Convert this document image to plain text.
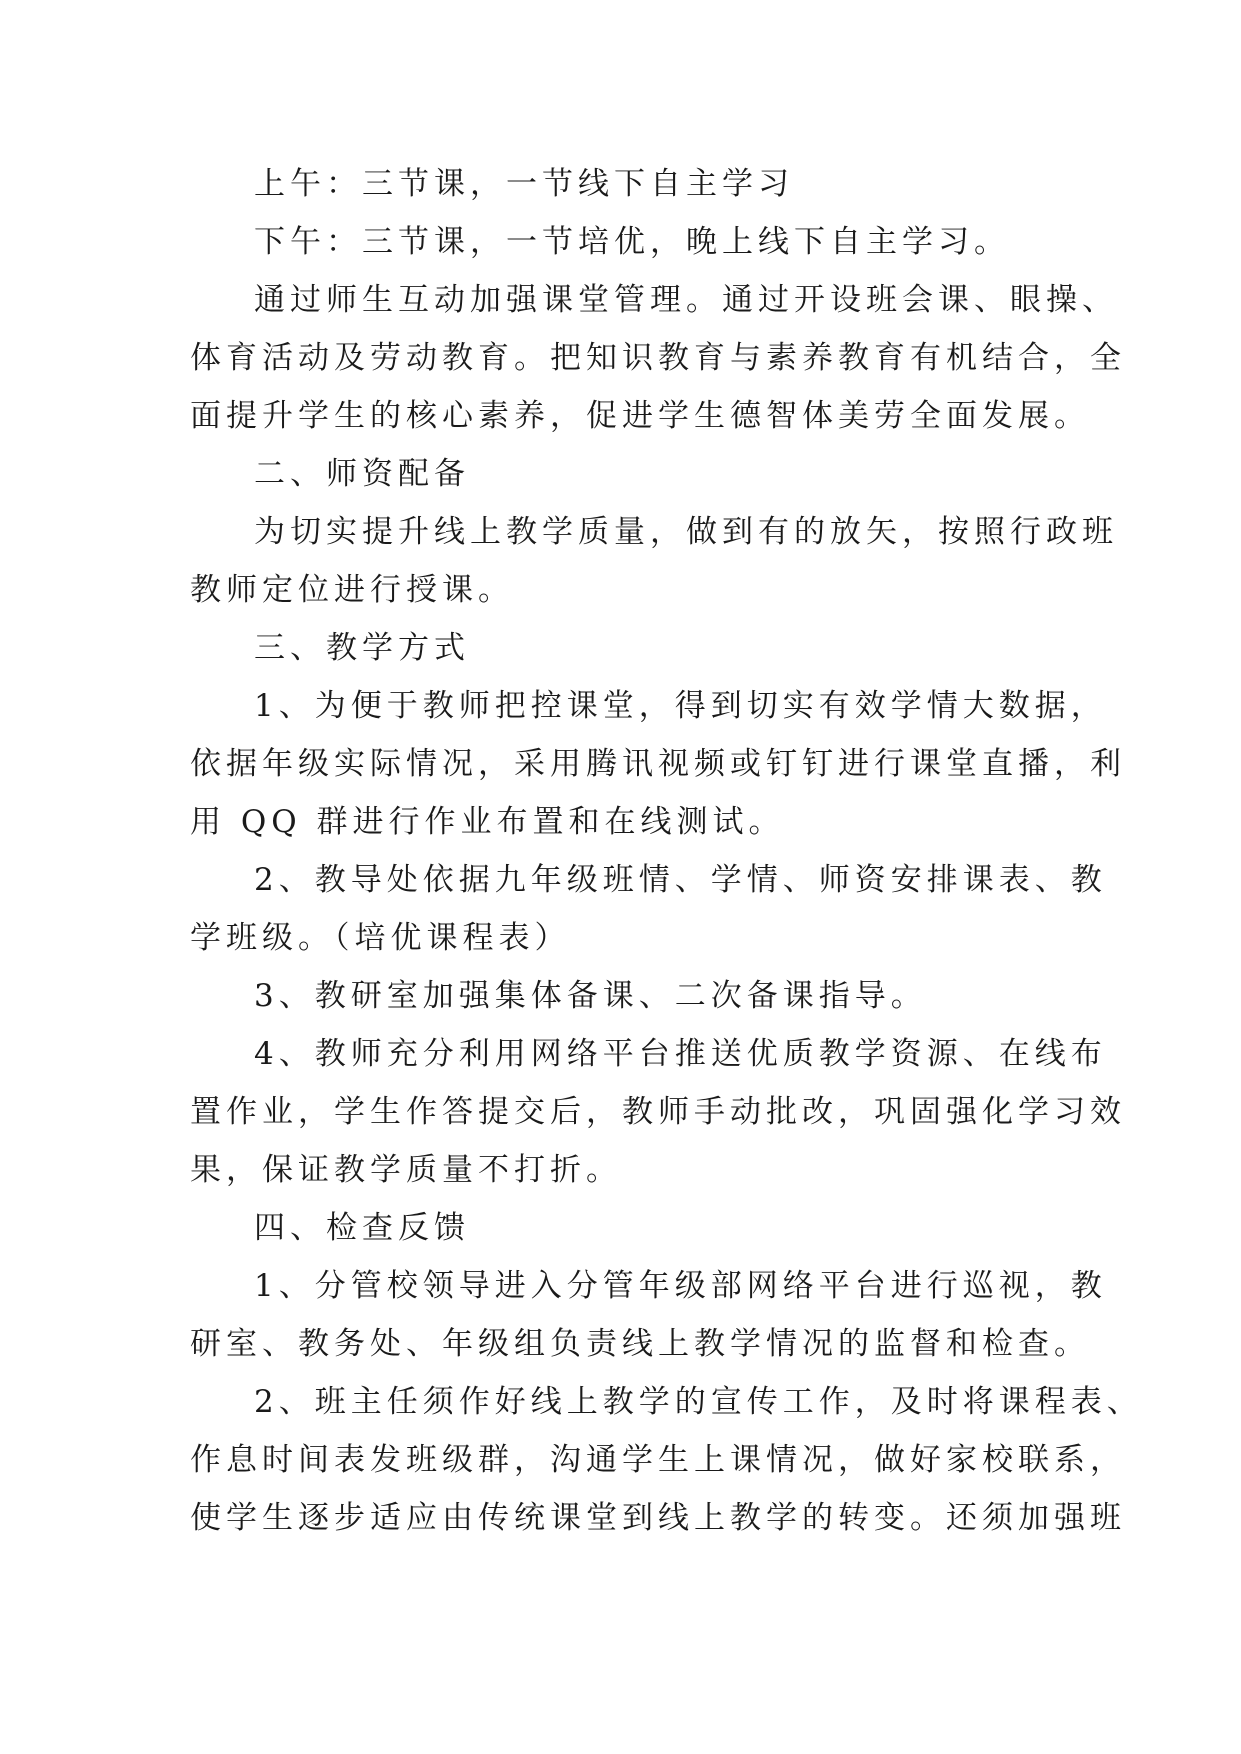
上午：三节课，一节线下自主学习

下午：三节课，一节培优，晚上线下自主学习。

通过师生互动加强课堂管理。通过开设班会课、眼操、

体育活动及劳动教育。把知识教育与素养教育有机结合，全

面提升学生的核心素养，促进学生德智体美劳全面发展。

二、师资配备

为切实提升线上教学质量，做到有的放矢，按照行政班

教师定位进行授课。

三、教学方式

1、为便于教师把控课堂，得到切实有效学情大数据，

依据年级实际情况，采用腾讯视频或钉钉进行课堂直播，利

用 QQ 群进行作业布置和在线测试。

2、教导处依据九年级班情、学情、师资安排课表、教

学班级。（培优课程表）

3、教研室加强集体备课、二次备课指导。

4、教师充分利用网络平台推送优质教学资源、在线布

置作业，学生作答提交后，教师手动批改，巩固强化学习效

果，保证教学质量不打折。

四、检查反馈

1、分管校领导进入分管年级部网络平台进行巡视，教

研室、教务处、年级组负责线上教学情况的监督和检查。

2、班主任须作好线上教学的宣传工作，及时将课程表、

作息时间表发班级群，沟通学生上课情况，做好家校联系，

使学生逐步适应由传统课堂到线上教学的转变。还须加强班
